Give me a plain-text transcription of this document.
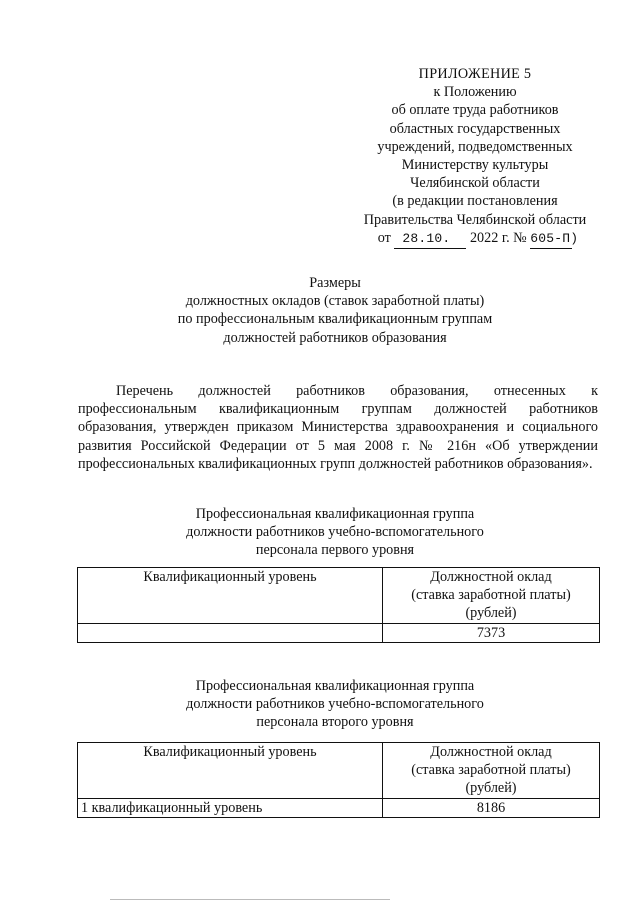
ПРИЛОЖЕНИЕ 5
к Положению
об оплате труда работников
областных государственных
учреждений, подведомственных
Министерству культуры
Челябинской области
(в редакции постановления
Правительства Челябинской области
от 28.10. 2022 г. № 605-П)
Размеры
должностных окладов (ставок заработной платы)
по профессиональным квалификационным группам
должностей работников образования
Перечень должностей работников образования, отнесенных к профессиональным квалификационным группам должностей работников образования, утвержден приказом Министерства здравоохранения и социального развития Российской Федерации от 5 мая 2008 г. № 216н «Об утверждении профессиональных квалификационных групп должностей работников образования».
Профессиональная квалификационная группа
должности работников учебно-вспомогательного
персонала первого уровня
Квалификационный уровень	Должностной оклад
(ставка заработной платы)
(рублей)

	7373
Профессиональная квалификационная группа
должности работников учебно-вспомогательного
персонала второго уровня
Квалификационный уровень	Должностной оклад
(ставка заработной платы)
(рублей)

1 квалификационный уровень	8186
